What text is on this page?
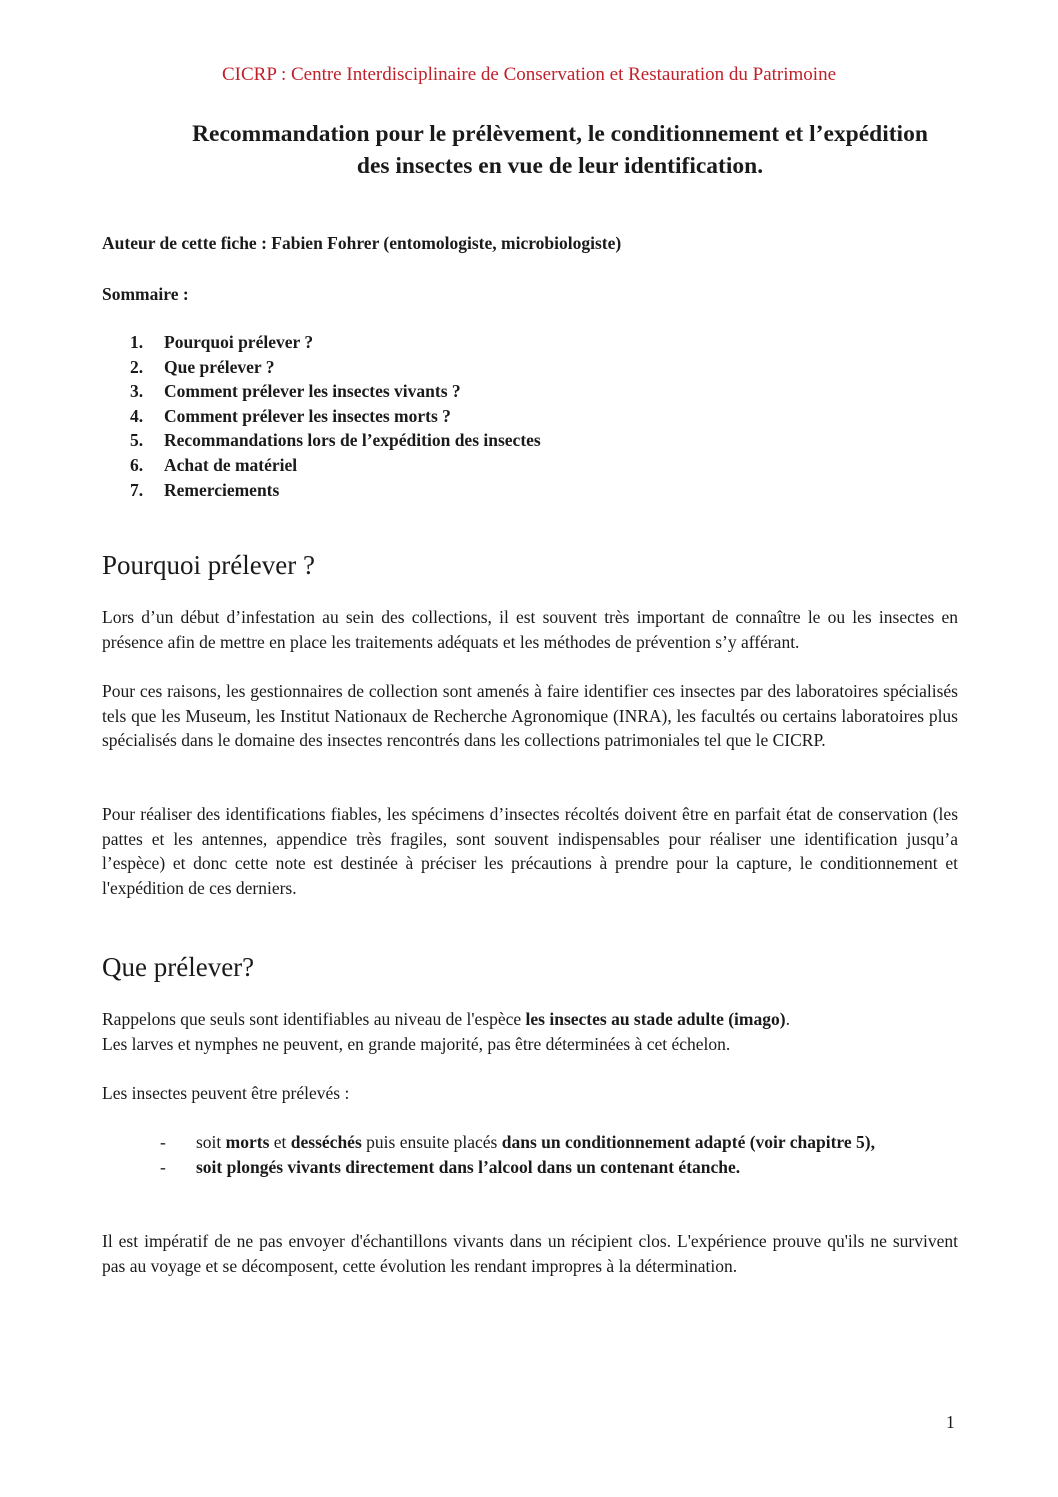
CICRP : Centre Interdisciplinaire de Conservation et Restauration du Patrimoine
Recommandation pour le prélèvement, le conditionnement et l’expédition
des insectes en vue de leur identification.
Auteur de cette fiche : Fabien Fohrer (entomologiste, microbiologiste)
Sommaire :
1. Pourquoi prélever ?
2. Que prélever ?
3. Comment prélever les insectes vivants ?
4. Comment prélever les insectes morts ?
5. Recommandations lors de l’expédition des insectes
6. Achat de matériel
7. Remerciements
Pourquoi prélever ?

Lors d’un début d’infestation au sein des collections, il est souvent très important de connaître le ou les insectes en présence afin de mettre en place les traitements adéquats et les méthodes de prévention s’y afférant.

Pour ces raisons, les gestionnaires de collection sont amenés à faire identifier ces insectes par des laboratoires spécialisés tels que les Museum, les Institut Nationaux de Recherche Agronomique (INRA), les facultés ou certains laboratoires plus spécialisés dans le domaine des insectes rencontrés dans les collections patrimoniales tel que le CICRP.

Pour réaliser des identifications fiables, les spécimens d’insectes récoltés doivent être en parfait état de conservation (les pattes et les antennes, appendice très fragiles, sont souvent indispensables pour réaliser une identification jusqu’a l’espèce) et donc cette note est destinée à préciser les précautions à prendre pour la capture, le conditionnement et l'expédition de ces derniers.

Que prélever?

Rappelons que seuls sont identifiables au niveau de l'espèce les insectes au stade adulte (imago).
Les larves et nymphes ne peuvent, en grande majorité, pas être déterminées à cet échelon.

Les insectes peuvent être prélevés :

- soit morts et desséchés puis ensuite placés dans un conditionnement adapté (voir chapitre 5),
- soit plongés vivants directement dans l’alcool dans un contenant étanche.

Il est impératif de ne pas envoyer d'échantillons vivants dans un récipient clos. L'expérience prouve qu'ils ne survivent pas au voyage et se décomposent, cette évolution les rendant impropres à la détermination.

1
